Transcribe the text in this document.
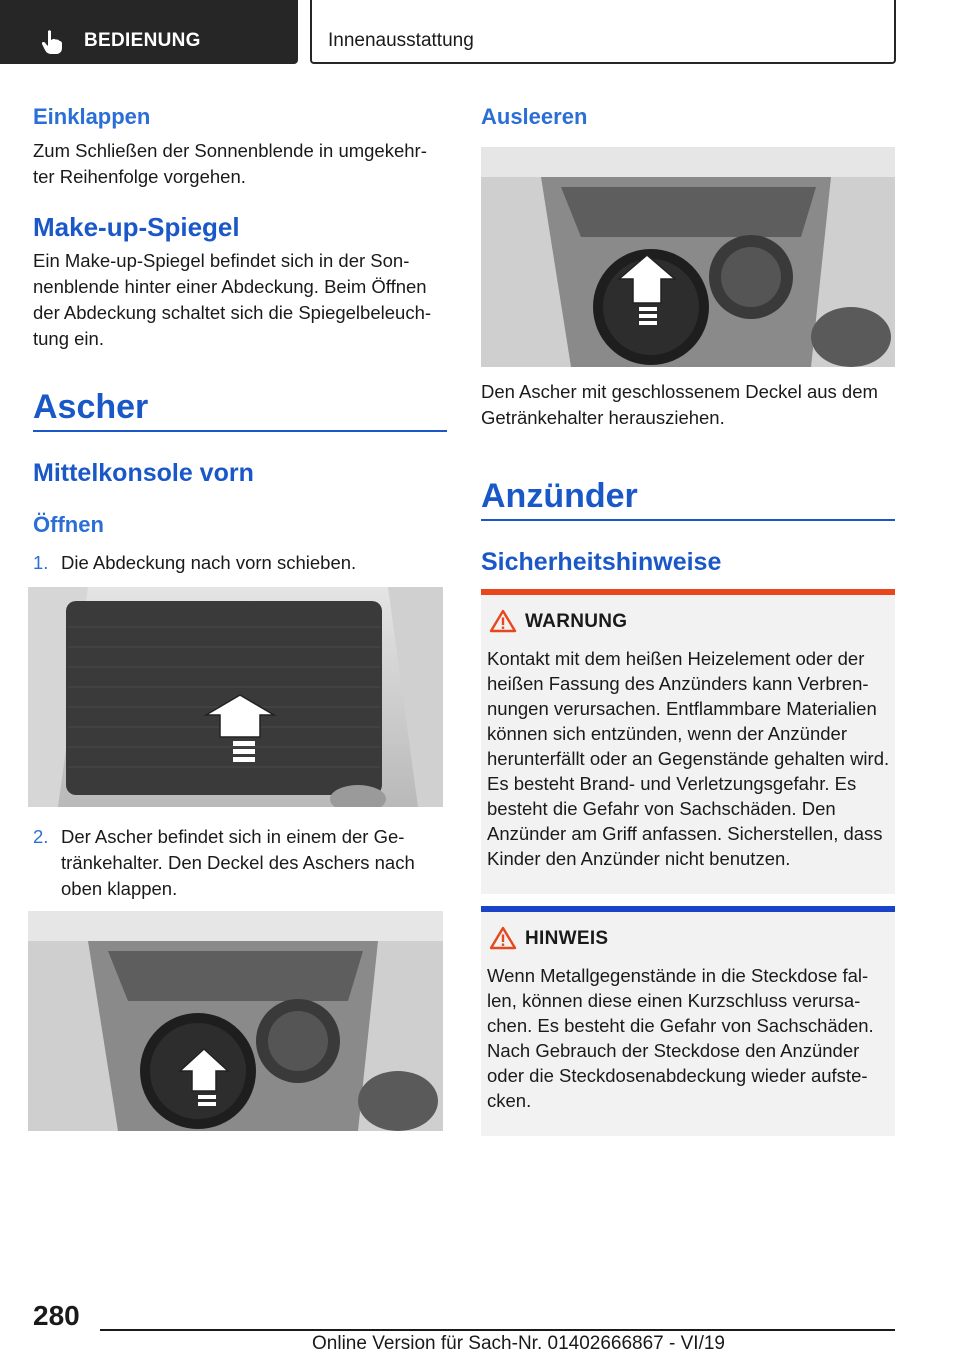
BEDIENUNG	Innenausstattung
Einklappen
Zum Schließen der Sonnenblende in umgekehr-ter Reihenfolge vorgehen.
Make-up-Spiegel
Ein Make-up-Spiegel befindet sich in der Son-nenblende hinter einer Abdeckung. Beim Öffnen der Abdeckung schaltet sich die Spiegelbeleuch-tung ein.
Ascher
Mittelkonsole vorn
Öffnen
1. Die Abdeckung nach vorn schieben.
2. Der Ascher befindet sich in einem der Ge-tränkehalter. Den Deckel des Aschers nach oben klappen.
Ausleeren
Den Ascher mit geschlossenem Deckel aus dem Getränkehalter herausziehen.
Anzünder
Sicherheitshinweise
WARNUNG
Kontakt mit dem heißen Heizelement oder der heißen Fassung des Anzünders kann Verbren-nungen verursachen. Entflammbare Materialien können sich entzünden, wenn der Anzünder herunterfällt oder an Gegenstände gehalten wird. Es besteht Brand- und Verletzungsgefahr. Es besteht die Gefahr von Sachschäden. Den Anzünder am Griff anfassen. Sicherstellen, dass Kinder den Anzünder nicht benutzen.
HINWEIS
Wenn Metallgegenstände in die Steckdose fal-len, können diese einen Kurzschluss verursa-chen. Es besteht die Gefahr von Sachschäden. Nach Gebrauch der Steckdose den Anzünder oder die Steckdosenabdeckung wieder aufste-cken.
280
Online Version für Sach-Nr. 01402666867 - VI/19
